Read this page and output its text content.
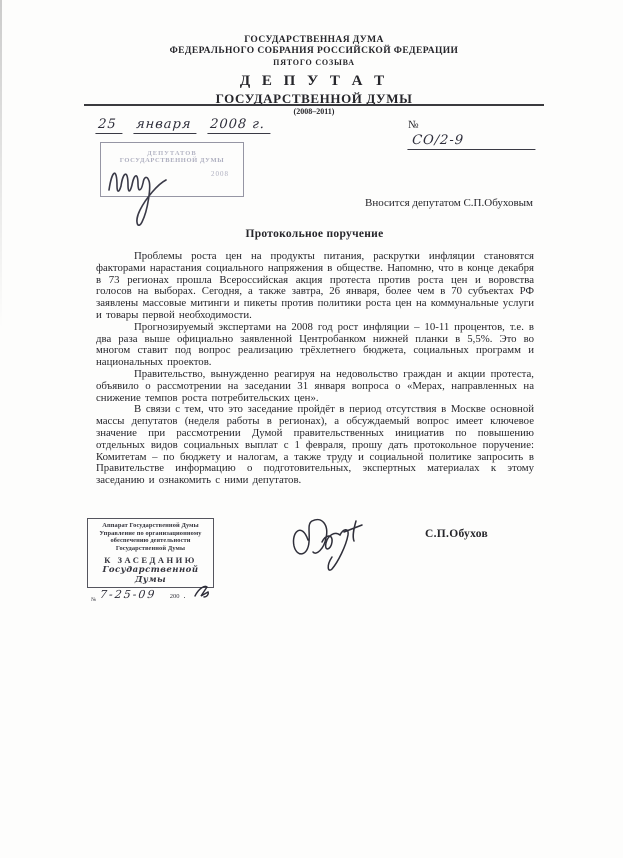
ГОСУДАРСТВЕННАЯ ДУМА
ФЕДЕРАЛЬНОГО СОБРАНИЯ РОССИЙСКОЙ ФЕДЕРАЦИИ
ПЯТОГО СОЗЫВА
Д Е П У Т А Т
ГОСУДАРСТВЕННОЙ ДУМЫ
(2008–2011)
25 января 2008 г.	№ СО/2-9
ДЕПУТАТОВ
ГОСУДАРСТВЕННОЙ ДУМЫ
2008
Вносится депутатом С.П.Обуховым
Протокольное поручение

Проблемы роста цен на продукты питания, раскрутки инфляции становятся факторами нарастания социального напряжения в обществе. Напомню, что в конце декабря в 73 регионах прошла Всероссийская акция протеста против роста цен и воровства голосов на выборах. Сегодня, а также завтра, 26 января, более чем в 70 субъектах РФ заявлены массовые митинги и пикеты против политики роста цен на коммунальные услуги и товары первой необходимости.

Прогнозируемый экспертами на 2008 год рост инфляции – 10-11 процентов, т.е. в два раза выше официально заявленной Центробанком нижней планки в 5,5%. Это во многом ставит под вопрос реализацию трёхлетнего бюджета, социальных программ и национальных проектов.

Правительство, вынужденно реагируя на недовольство граждан и акции протеста, объявило о рассмотрении на заседании 31 января вопроса о «Мерах, направленных на снижение темпов роста потребительских цен».

В связи с тем, что это заседание пройдёт в период отсутствия в Москве основной массы депутатов (неделя работы в регионах), а обсуждаемый вопрос имеет ключевое значение при рассмотрении Думой правительственных инициатив по повышению отдельных видов социальных выплат с 1 февраля, прошу дать протокольное поручение: Комитетам – по бюджету и налогам, а также труду и социальной политике запросить в Правительстве информацию о подготовительных, экспертных материалах к этому заседанию и ознакомить с ними депутатов.

С.П.Обухов
Аппарат Государственной Думы
Управление по организационному
обеспечению деятельности
Государственной Думы
К ЗАСЕДАНИЮ
Государственной Думы
№ 7-25-09 200 .
